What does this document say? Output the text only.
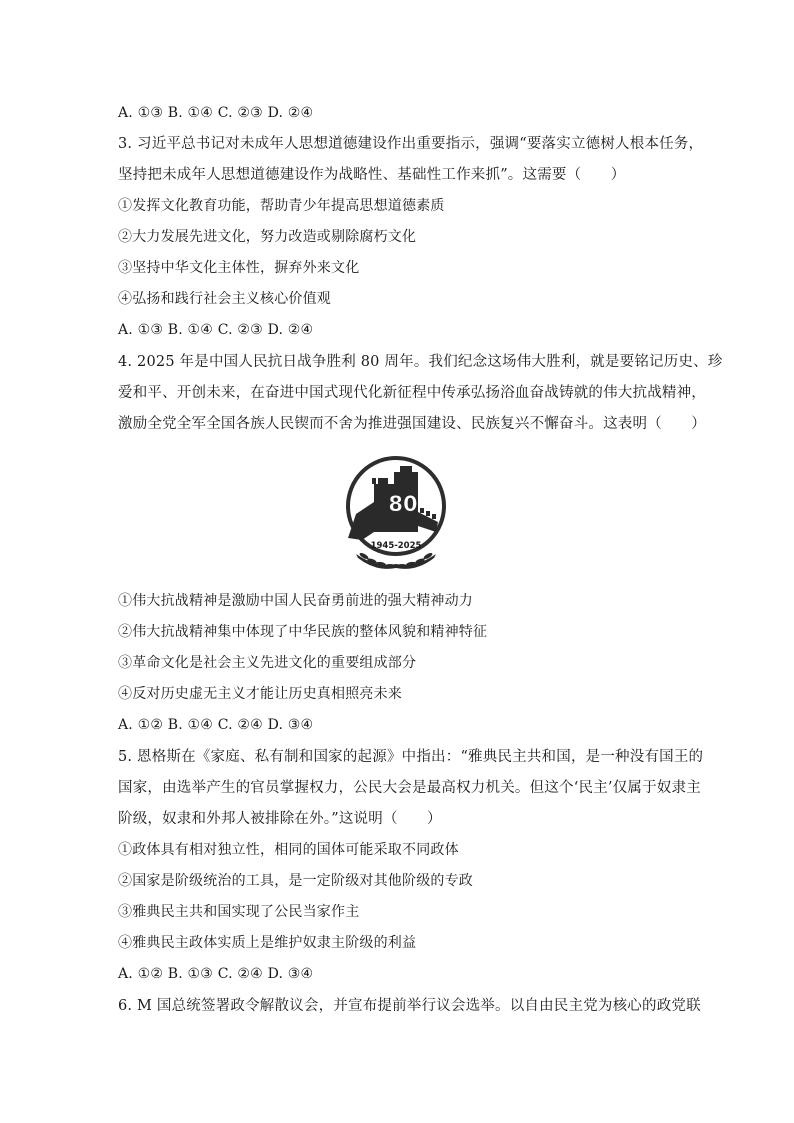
A. ①③ B. ①④ C. ②③ D. ②④
3. 习近平总书记对未成年人思想道德建设作出重要指示，强调“要落实立德树人根本任务，
坚持把未成年人思想道德建设作为战略性、基础性工作来抓”。这需要（　　）
①发挥文化教育功能，帮助青少年提高思想道德素质
②大力发展先进文化，努力改造或剔除腐朽文化
③坚持中华文化主体性，摒弃外来文化
④弘扬和践行社会主义核心价值观
A. ①③ B. ①④ C. ②③ D. ②④
4. 2025 年是中国人民抗日战争胜利 80 周年。我们纪念这场伟大胜利，就是要铭记历史、珍
爱和平、开创未来，在奋进中国式现代化新征程中传承弘扬浴血奋战铸就的伟大抗战精神，
激励全党全军全国各族人民锲而不舍为推进强国建设、民族复兴不懈奋斗。这表明（　　）
80
1945-2025
①伟大抗战精神是激励中国人民奋勇前进的强大精神动力
②伟大抗战精神集中体现了中华民族的整体风貌和精神特征
③革命文化是社会主义先进文化的重要组成部分
④反对历史虚无主义才能让历史真相照亮未来
A. ①② B. ①④ C. ②④ D. ③④
5. 恩格斯在《家庭、私有制和国家的起源》中指出：“雅典民主共和国，是一种没有国王的
国家，由选举产生的官员掌握权力，公民大会是最高权力机关。但这个‘民主’仅属于奴隶主
阶级，奴隶和外邦人被排除在外。”这说明（　　）
①政体具有相对独立性，相同的国体可能采取不同政体
②国家是阶级统治的工具，是一定阶级对其他阶级的专政
③雅典民主共和国实现了公民当家作主
④雅典民主政体实质上是维护奴隶主阶级的利益
A. ①② B. ①③ C. ②④ D. ③④
6. M 国总统签署政令解散议会，并宣布提前举行议会选举。以自由民主党为核心的政党联
